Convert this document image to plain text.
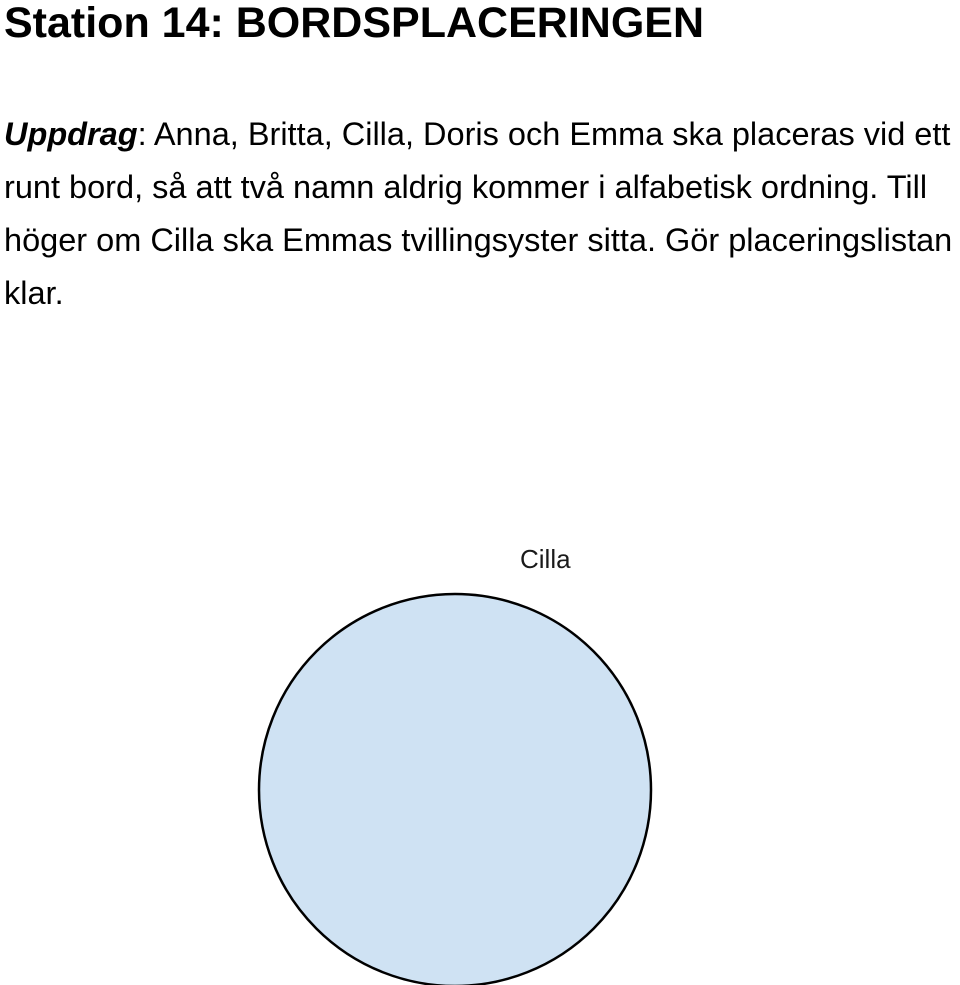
Station 14: BORDSPLACERINGEN

Uppdrag: Anna, Britta, Cilla, Doris och Emma ska placeras vid ett runt bord, så att två namn aldrig kommer i alfabetisk ordning. Till höger om Cilla ska Emmas tvillingsyster sitta. Gör placeringslistan klar.

Cilla
